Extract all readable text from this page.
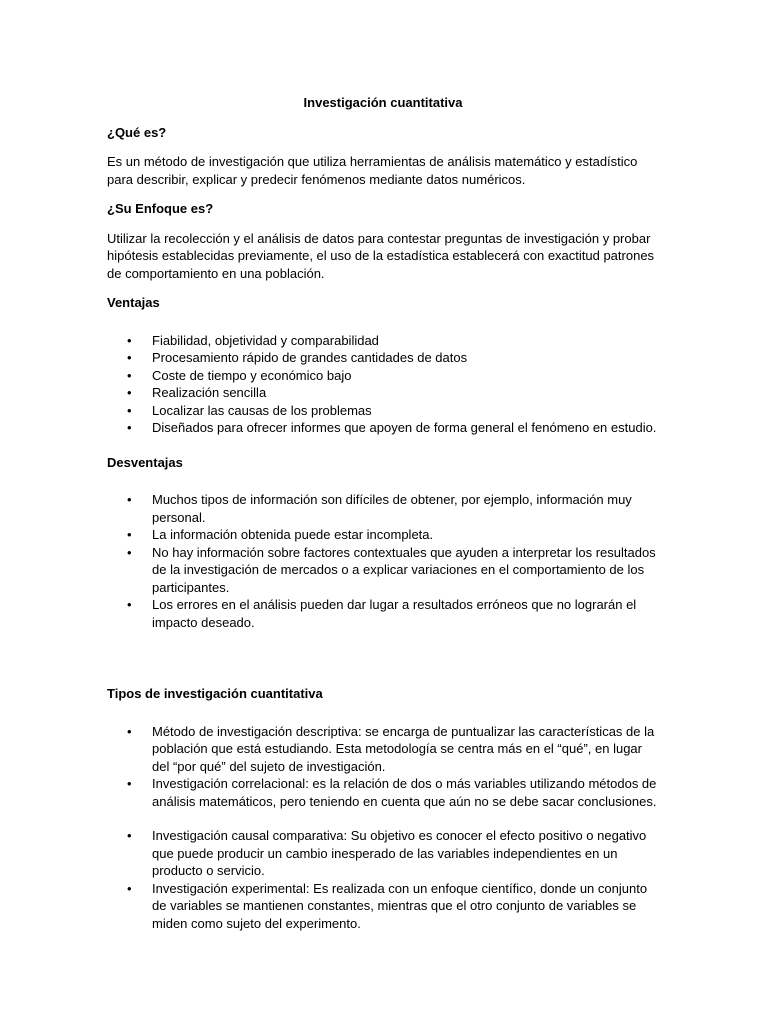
Investigación cuantitativa
¿Qué es?
Es un método de investigación que utiliza herramientas de análisis matemático y estadístico para describir, explicar y predecir fenómenos mediante datos numéricos.
¿Su Enfoque es?
Utilizar la recolección y el análisis de datos para contestar preguntas de investigación y probar hipótesis establecidas previamente, el uso de la estadística establecerá con exactitud patrones de comportamiento en una población.
Ventajas
• Fiabilidad, objetividad y comparabilidad
• Procesamiento rápido de grandes cantidades de datos
• Coste de tiempo y económico bajo
• Realización sencilla
• Localizar las causas de los problemas
• Diseñados para ofrecer informes que apoyen de forma general el fenómeno en estudio.
Desventajas
• Muchos tipos de información son difíciles de obtener, por ejemplo, información muy personal.
• La información obtenida puede estar incompleta.
• No hay información sobre factores contextuales que ayuden a interpretar los resultados de la investigación de mercados o a explicar variaciones en el comportamiento de los participantes.
• Los errores en el análisis pueden dar lugar a resultados erróneos que no lograrán el impacto deseado.
Tipos de investigación cuantitativa
• Método de investigación descriptiva: se encarga de puntualizar las características de la población que está estudiando. Esta metodología se centra más en el “qué”, en lugar del “por qué” del sujeto de investigación.
• Investigación correlacional: es la relación de dos o más variables utilizando métodos de análisis matemáticos, pero teniendo en cuenta que aún no se debe sacar conclusiones.
• Investigación causal comparativa: Su objetivo es conocer el efecto positivo o negativo que puede producir un cambio inesperado de las variables independientes en un producto o servicio.
• Investigación experimental: Es realizada con un enfoque científico, donde un conjunto de variables se mantienen constantes, mientras que el otro conjunto de variables se miden como sujeto del experimento.
